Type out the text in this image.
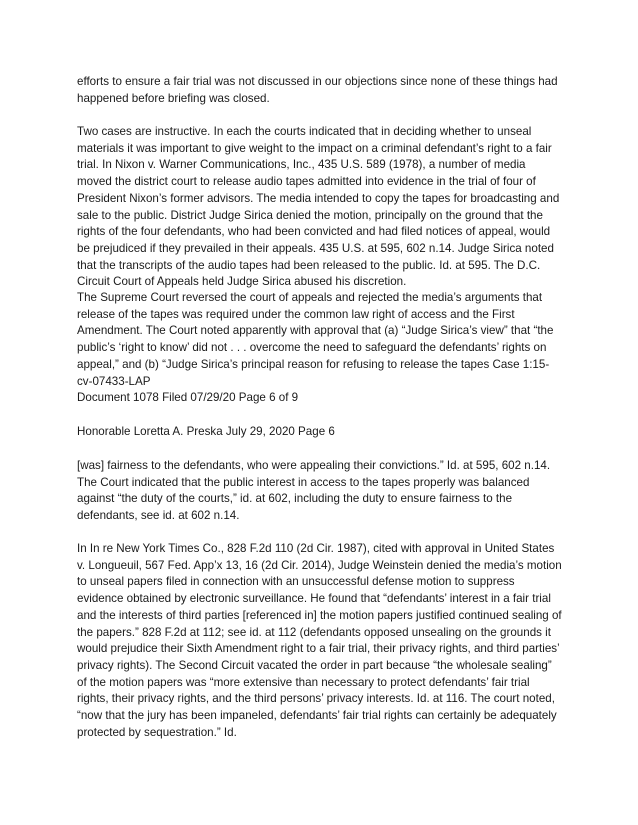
efforts to ensure a fair trial was not discussed in our objections since none of these things had happened before briefing was closed.

Two cases are instructive. In each the courts indicated that in deciding whether to unseal materials it was important to give weight to the impact on a criminal defendant’s right to a fair trial. In Nixon v. Warner Communications, Inc., 435 U.S. 589 (1978), a number of media moved the district court to release audio tapes admitted into evidence in the trial of four of President Nixon’s former advisors. The media intended to copy the tapes for broadcasting and sale to the public. District Judge Sirica denied the motion, principally on the ground that the rights of the four defendants, who had been convicted and had filed notices of appeal, would be prejudiced if they prevailed in their appeals. 435 U.S. at 595, 602 n.14. Judge Sirica noted that the transcripts of the audio tapes had been released to the public. Id. at 595. The D.C. Circuit Court of Appeals held Judge Sirica abused his discretion.

The Supreme Court reversed the court of appeals and rejected the media’s arguments that release of the tapes was required under the common law right of access and the First Amendment. The Court noted apparently with approval that (a) “Judge Sirica’s view” that “the public’s ‘right to know’ did not . . . overcome the need to safeguard the defendants’ rights on appeal,” and (b) “Judge Sirica’s principal reason for refusing to release the tapes Case 1:15-cv-07433-LAP

Document 1078 Filed 07/29/20 Page 6 of 9

Honorable Loretta A. Preska July 29, 2020 Page 6

[was] fairness to the defendants, who were appealing their convictions.” Id. at 595, 602 n.14. The Court indicated that the public interest in access to the tapes properly was balanced against “the duty of the courts,” id. at 602, including the duty to ensure fairness to the defendants, see id. at 602 n.14.

In In re New York Times Co., 828 F.2d 110 (2d Cir. 1987), cited with approval in United States v. Longueuil, 567 Fed. App’x 13, 16 (2d Cir. 2014), Judge Weinstein denied the media’s motion to unseal papers filed in connection with an unsuccessful defense motion to suppress evidence obtained by electronic surveillance. He found that “defendants’ interest in a fair trial and the interests of third parties [referenced in] the motion papers justified continued sealing of the papers.” 828 F.2d at 112; see id. at 112 (defendants opposed unsealing on the grounds it would prejudice their Sixth Amendment right to a fair trial, their privacy rights, and third parties’ privacy rights). The Second Circuit vacated the order in part because “the wholesale sealing” of the motion papers was “more extensive than necessary to protect defendants’ fair trial rights, their privacy rights, and the third persons’ privacy interests. Id. at 116. The court noted, “now that the jury has been impaneled, defendants’ fair trial rights can certainly be adequately protected by sequestration.” Id.
